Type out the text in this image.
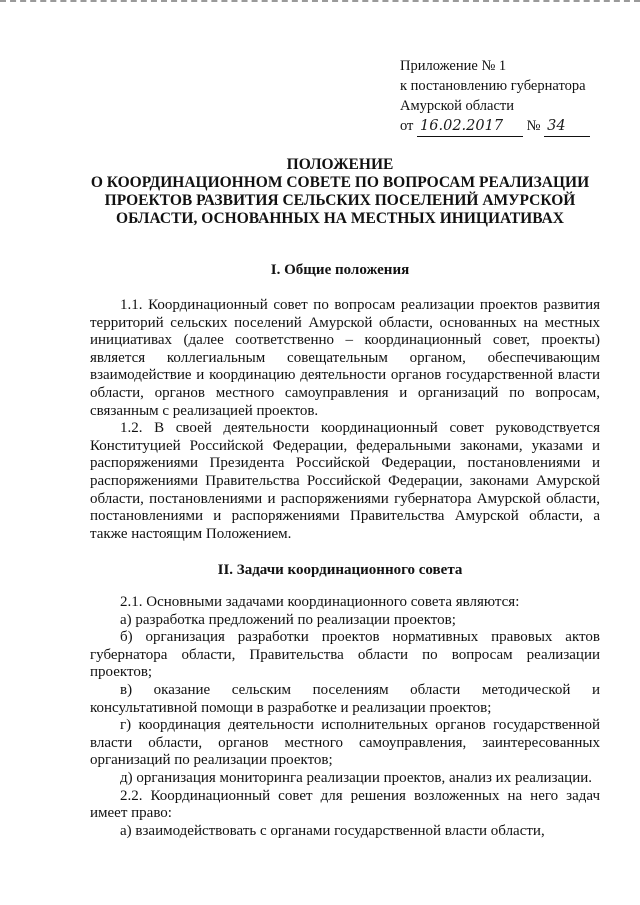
Приложение № 1
к постановлению губернатора
Амурской области
от 16.02.2017 № 34
ПОЛОЖЕНИЕ
О КООРДИНАЦИОННОМ СОВЕТЕ ПО ВОПРОСАМ РЕАЛИЗАЦИИ
ПРОЕКТОВ РАЗВИТИЯ СЕЛЬСКИХ ПОСЕЛЕНИЙ АМУРСКОЙ
ОБЛАСТИ, ОСНОВАННЫХ НА МЕСТНЫХ ИНИЦИАТИВАХ
I. Общие положения

1.1. Координационный совет по вопросам реализации проектов развития территорий сельских поселений Амурской области, основанных на местных инициативах (далее соответственно – координационный совет, проекты) является коллегиальным совещательным органом, обеспечивающим взаимодействие и координацию деятельности органов государственной власти области, органов местного самоуправления и организаций по вопросам, связанным с реализацией проектов.

1.2. В своей деятельности координационный совет руководствуется Конституцией Российской Федерации, федеральными законами, указами и распоряжениями Президента Российской Федерации, постановлениями и распоряжениями Правительства Российской Федерации, законами Амурской области, постановлениями и распоряжениями губернатора Амурской области, постановлениями и распоряжениями Правительства Амурской области, а также настоящим Положением.

II. Задачи координационного совета

2.1. Основными задачами координационного совета являются:

а) разработка предложений по реализации проектов;

б) организация разработки проектов нормативных правовых актов губернатора области, Правительства области по вопросам реализации проектов;

в) оказание сельским поселениям области методической и консультативной помощи в разработке и реализации проектов;

г) координация деятельности исполнительных органов государственной власти области, органов местного самоуправления, заинтересованных организаций по реализации проектов;

д) организация мониторинга реализации проектов, анализ их реализации.

2.2. Координационный совет для решения возложенных на него задач имеет право:

а) взаимодействовать с органами государственной власти области,
